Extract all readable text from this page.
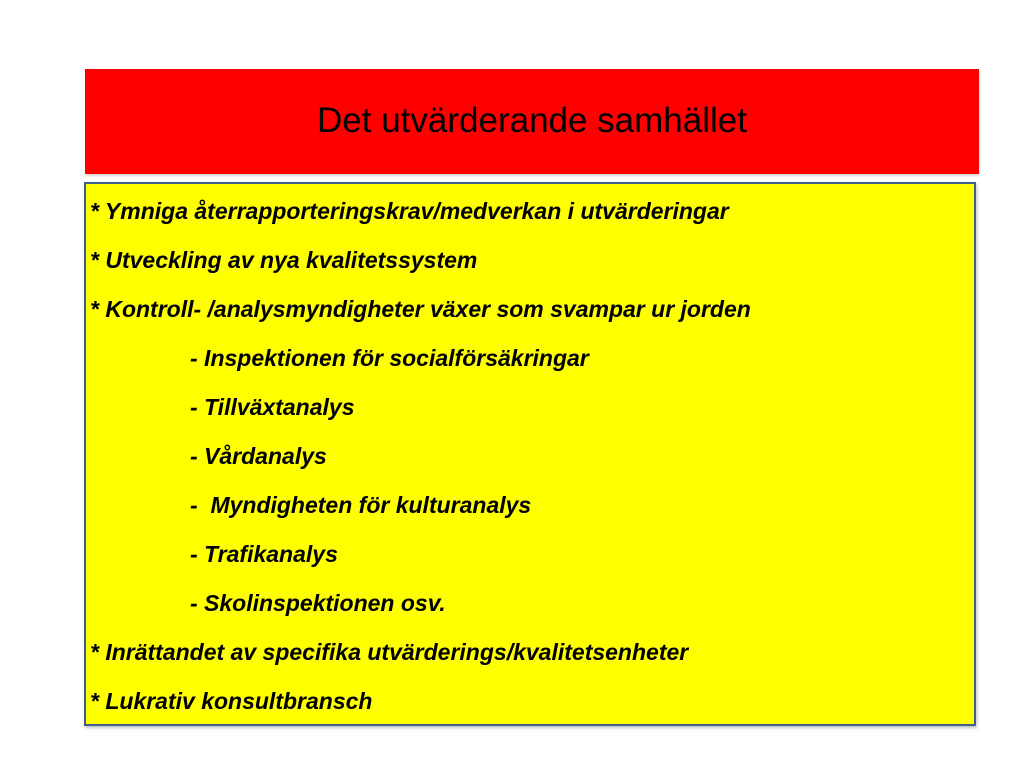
Det utvärderande samhället
* Ymniga återrapporteringskrav/medverkan i utvärderingar
* Utveckling av nya kvalitetssystem
* Kontroll- /analysmyndigheter växer som svampar ur jorden
- Inspektionen för socialförsäkringar
- Tillväxtanalys
- Vårdanalys
-  Myndigheten för kulturanalys
- Trafikanalys
- Skolinspektionen osv.
* Inrättandet av specifika utvärderings/kvalitetsenheter
* Lukrativ konsultbransch
